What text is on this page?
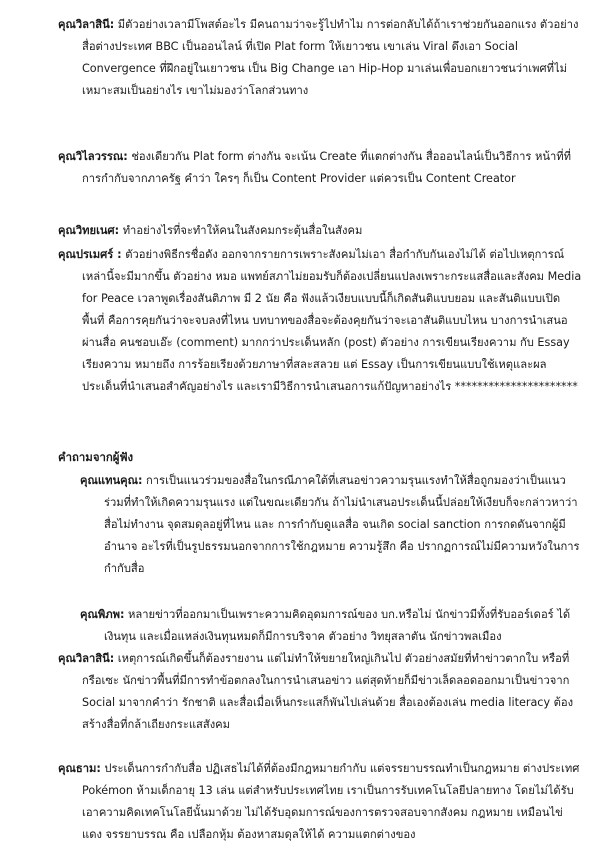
คุณวิลาสินี: มีตัวอย่างเวลามีโพสต์อะไร มีคนถามว่าจะรู้ไปทำไม การต่อกลับได้ถ้าเราช่วยกันออกแรง ตัวอย่างสื่อต่างประเทศ BBC เป็นออนไลน์ ที่เปิด Plat form ให้เยาวชน เขาเล่น Viral ดึงเอา Social Convergence ที่ฝึกอยู่ในเยาวชน เป็น Big Change เอา Hip-Hop มาเล่นเพื่อบอกเยาวชนว่าเพศที่ไม่เหมาะสมเป็นอย่างไร เขาไม่มองว่าโลกส่วนทาง

คุณวิไลวรรณ: ช่องเดียวกัน Plat form ต่างกัน จะเน้น Create ที่แตกต่างกัน สื่อออนไลน์เป็นวิธีการ หน้าที่ที่การกำกับจากภาครัฐ คำว่า ใครๆ ก็เป็น Content Provider แต่ควรเป็น Content Creator

คุณวิทยเนศ: ทำอย่างไรที่จะทำให้คนในสังคมกระตุ้นสื่อในสังคม

คุณปรเมศร์ : ตัวอย่างพิธีกรชื่อดัง ออกจากรายการเพราะสังคมไม่เอา สื่อกำกับกันเองไม่ได้ ต่อไปเหตุการณ์เหล่านี้จะมีมากขึ้น ตัวอย่าง หมอ แพทย์สภาไม่ยอมรับก็ต้องเปลี่ยนแปลงเพราะกระแสสื่อและสังคม Media for Peace เวลาพูดเรื่องสันติภาพ มี 2 นัย คือ ฟังแล้วเงียบแบบนี้ก็เกิดสันติแบบยอม และสันติแบบเปิดพื้นที่ คือการคุยกันว่าจะจบลงที่ไหน บทบาทของสื่อจะต้องคุยกันว่าจะเอาสันติแบบไหน บางการนำเสนอผ่านสื่อ คนชอบเอ๊ะ (comment) มากกว่าประเด็นหลัก (post) ตัวอย่าง การเขียนเรียงความ กับ Essay เรียงความ หมายถึง การร้อยเรียงด้วยภาษาที่สละสลวย แต่ Essay เป็นการเขียนแบบใช้เหตุและผล ประเด็นที่นำเสนอสำคัญอย่างไร และเรามีวิธีการนำเสนอการแก้ปัญหาอย่างไร **********************

คำถามจากผู้ฟัง

คุณแทนคุณ: การเป็นแนวร่วมของสื่อในกรณีภาคใต้ที่เสนอข่าวความรุนแรงทำให้สื่อถูกมองว่าเป็นแนวร่วมที่ทำให้เกิดความรุนแรง แต่ในขณะเดียวกัน ถ้าไม่นำเสนอประเด็นนี้ปล่อยให้เงียบก็จะกล่าวหาว่าสื่อไม่ทำงาน จุดสมดุลอยู่ที่ไหน และ การกำกับดูแลสื่อ จนเกิด social sanction การกดดันจากผู้มีอำนาจ อะไรที่เป็นรูปธรรมนอกจากการใช้กฎหมาย ความรู้สึก คือ ปรากฏการณ์ไม่มีความหวังในการกำกับสื่อ

คุณพิภพ: หลายข่าวที่ออกมาเป็นเพราะความคิดอุดมการณ์ของ บก.หรือไม่ นักข่าวมีทั้งที่รับออร์เดอร์ ได้เงินทุน และเมื่อแหล่งเงินทุนหมดก็มีการบริจาค ตัวอย่าง วิทยุสลาตัน นักข่าวพลเมือง

คุณวิลาสินี: เหตุการณ์เกิดขึ้นก็ต้องรายงาน แต่ไม่ทำให้ขยายใหญ่เกินไป ตัวอย่างสมัยที่ทำข่าวตากใบ หรือที่กรือเซะ นักข่าวพื้นที่มีการทำข้อตกลงในการนำเสนอข่าว แต่สุดท้ายก็มีข่าวเล็ดลอดออกมาเป็นข่าวจาก Social มาจากคำว่า รักชาติ และสื่อเมื่อเห็นกระแสก็พันไปเล่นด้วย สื่อเองต้องเล่น media literacy ต้องสร้างสื่อที่กล้าเถียงกระแสสังคม

คุณธาม: ประเด็นการกำกับสื่อ ปฏิเสธไม่ได้ที่ต้องมีกฎหมายกำกับ แต่จรรยาบรรณทำเป็นกฎหมาย ต่างประเทศ Pokémon ห้ามเด็กอายุ 13 เล่น แต่สำหรับประเทศไทย เราเป็นการรับเทคโนโลยีปลายทาง โดยไม่ได้รับเอาความคิดเทคโนโลยีนั้นมาด้วย ไม่ได้รับอุดมการณ์ของการตรวจสอบจากสังคม กฎหมาย เหมือนไข่แดง จรรยาบรรณ คือ เปลือกหุ้ม ต้องหาสมดุลให้ได้ ความแตกต่างของ
